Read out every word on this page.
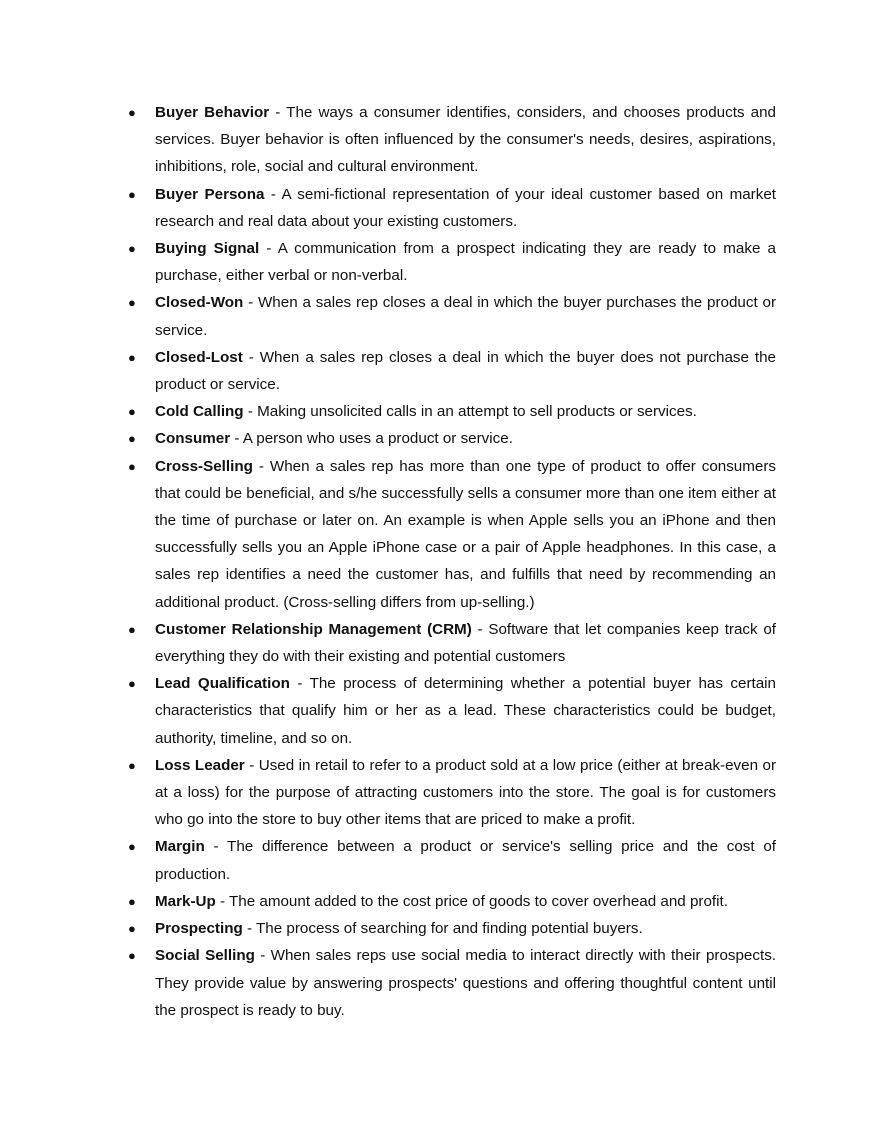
●	Buyer Behavior - The ways a consumer identifies, considers, and chooses products and services. Buyer behavior is often influenced by the consumer's needs, desires, aspirations, inhibitions, role, social and cultural environment.
●	Buyer Persona - A semi-fictional representation of your ideal customer based on market research and real data about your existing customers.
●	Buying Signal - A communication from a prospect indicating they are ready to make a purchase, either verbal or non-verbal.
●	Closed-Won - When a sales rep closes a deal in which the buyer purchases the product or service.
●	Closed-Lost - When a sales rep closes a deal in which the buyer does not purchase the product or service.
●	Cold Calling - Making unsolicited calls in an attempt to sell products or services.
●	Consumer - A person who uses a product or service.
●	Cross-Selling - When a sales rep has more than one type of product to offer consumers that could be beneficial, and s/he successfully sells a consumer more than one item either at the time of purchase or later on. An example is when Apple sells you an iPhone and then successfully sells you an Apple iPhone case or a pair of Apple headphones. In this case, a sales rep identifies a need the customer has, and fulfills that need by recommending an additional product. (Cross-selling differs from up-selling.)
●	Customer Relationship Management (CRM) - Software that let companies keep track of everything they do with their existing and potential customers
●	Lead Qualification - The process of determining whether a potential buyer has certain characteristics that qualify him or her as a lead. These characteristics could be budget, authority, timeline, and so on.
●	Loss Leader - Used in retail to refer to a product sold at a low price (either at break-even or at a loss) for the purpose of attracting customers into the store. The goal is for customers who go into the store to buy other items that are priced to make a profit.
●	Margin - The difference between a product or service's selling price and the cost of production.
●	Mark-Up - The amount added to the cost price of goods to cover overhead and profit.
●	Prospecting - The process of searching for and finding potential buyers.
●	Social Selling - When sales reps use social media to interact directly with their prospects. They provide value by answering prospects' questions and offering thoughtful content until the prospect is ready to buy.
